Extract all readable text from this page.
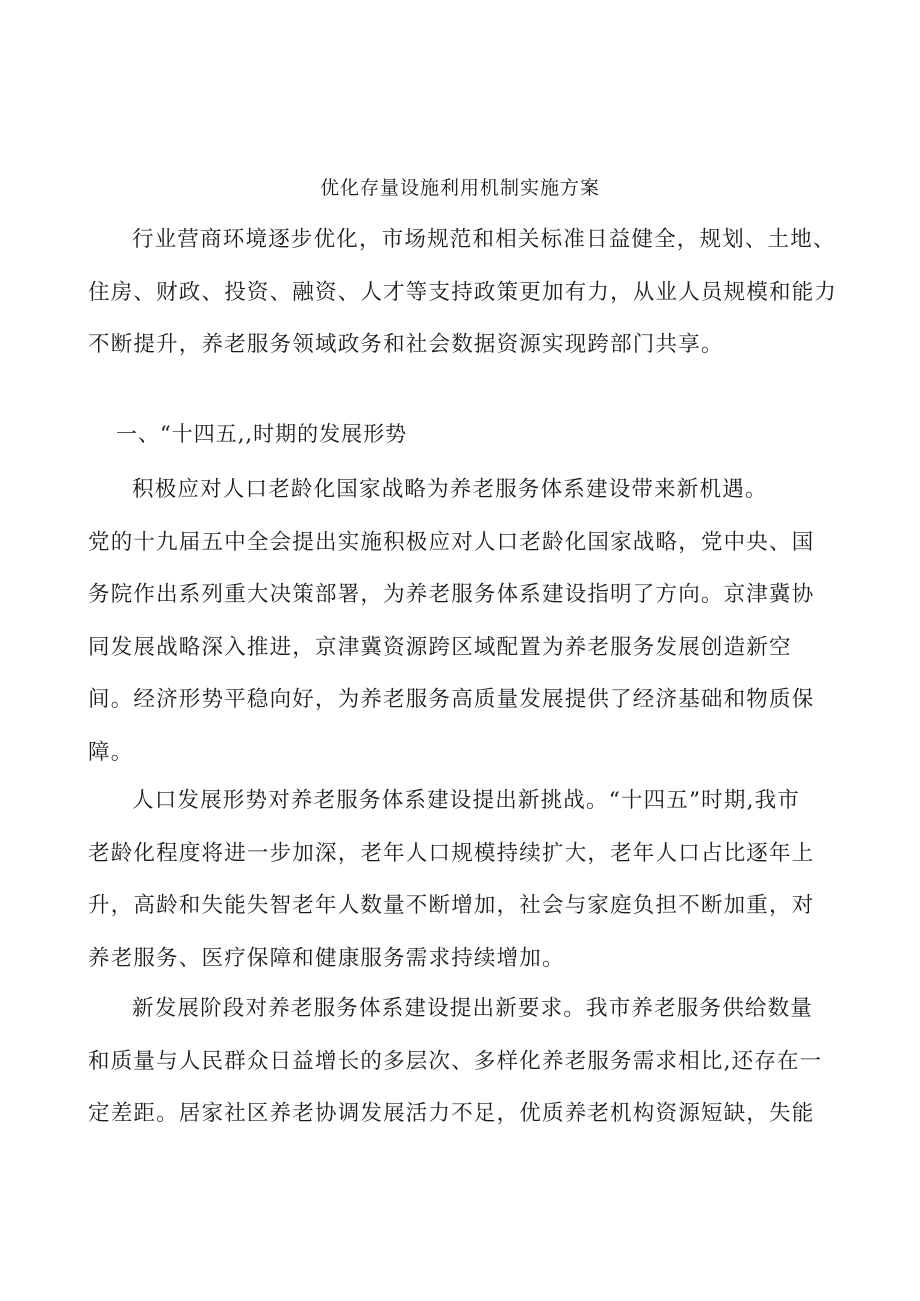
优化存量设施利用机制实施方案
行业营商环境逐步优化，市场规范和相关标准日益健全，规划、土地、
住房、财政、投资、融资、人才等支持政策更加有力，从业人员规模和能力
不断提升，养老服务领域政务和社会数据资源实现跨部门共享。
一、“十四五,,时期的发展形势
积极应对人口老龄化国家战略为养老服务体系建设带来新机遇。
党的十九届五中全会提出实施积极应对人口老龄化国家战略，党中央、国
务院作出系列重大决策部署，为养老服务体系建设指明了方向。京津冀协
同发展战略深入推进，京津冀资源跨区域配置为养老服务发展创造新空
间。经济形势平稳向好，为养老服务高质量发展提供了经济基础和物质保
障。
人口发展形势对养老服务体系建设提出新挑战。“十四五”时期,我市
老龄化程度将进一步加深，老年人口规模持续扩大，老年人口占比逐年上
升，高龄和失能失智老年人数量不断增加，社会与家庭负担不断加重，对
养老服务、医疗保障和健康服务需求持续增加。
新发展阶段对养老服务体系建设提出新要求。我市养老服务供给数量
和质量与人民群众日益增长的多层次、多样化养老服务需求相比,还存在一
定差距。居家社区养老协调发展活力不足，优质养老机构资源短缺，失能
